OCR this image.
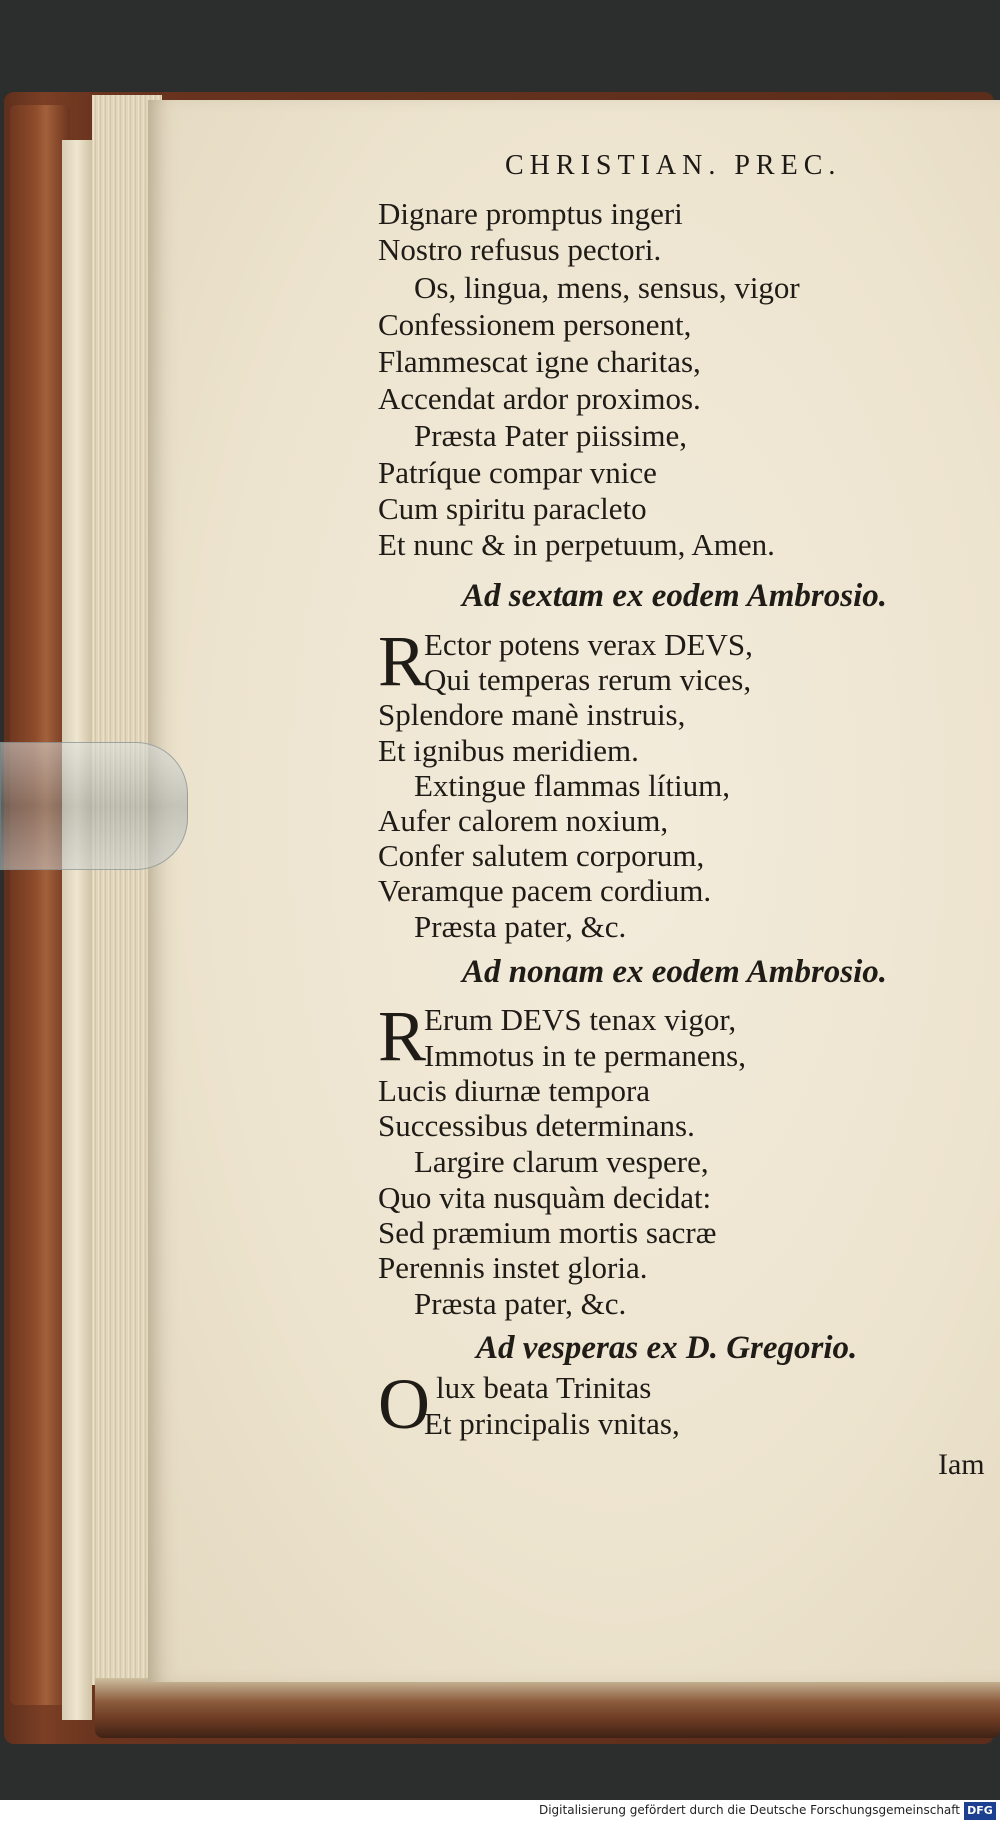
CHRISTIAN. PREC.
Dignare promptus ingeri
Nostro refusus pectori.
Os, lingua, mens, sensus, vigor
Confessionem personent,
Flammescat igne charitas,
Accendat ardor proximos.
Præsta Pater piissime,
Patríque compar vnice
Cum spiritu paracleto
Et nunc & in perpetuum, Amen.
Ad sextam ex eodem Ambrosio.
R
Ector potens verax DEVS,
Qui temperas rerum vices,
Splendore manè instruis,
Et ignibus meridiem.
Extingue flammas lítium,
Aufer calorem noxium,
Confer salutem corporum,
Veramque pacem cordium.
Præsta pater, &c.
Ad nonam ex eodem Ambrosio.
R
Erum DEVS tenax vigor,
Immotus in te permanens,
Lucis diurnæ tempora
Successibus determinans.
Largire clarum vespere,
Quo vita nusquàm decidat:
Sed præmium mortis sacræ
Perennis instet gloria.
Præsta pater, &c.
Ad vesperas ex D. Gregorio.
O lux beata Trinitas
Et principalis vnitas,
Iam
Digitalisierung gefördert durch die Deutsche Forschungsgemeinschaft DFG
